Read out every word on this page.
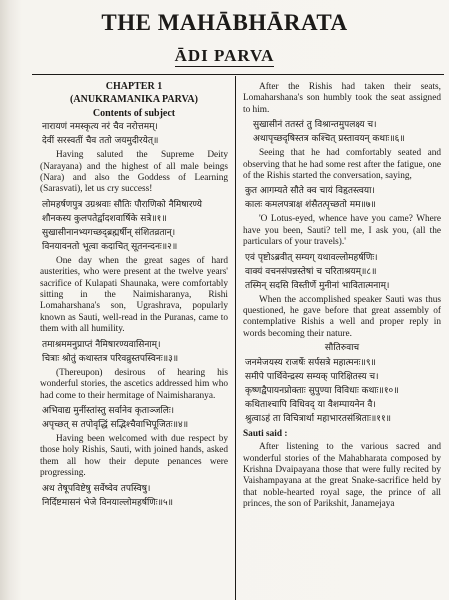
THE MAHĀBHĀRATA
ĀDI PARVA
CHAPTER 1
(ANUKRAMANIKA PARVA)
Contents of subject
नारायणं नमस्कृत्य नरं चैव नरोत्तमम्।
देवीं सरस्वतीं चैव ततो जयमुदीरयेत्॥
Having saluted the Supreme Deity (Narayana) and the highest of all male beings (Nara) and also the Goddess of Learning (Sarasvati), let us cry success!
लोमहर्षणपुत्र उग्रश्रवाः सौतिः पौराणिको नैमिषारण्ये
शौनकस्य कुलपतेर्द्वादशवार्षिके सत्रे॥१॥
सुखासीनानभ्यगच्छद्‌ब्रह्मर्षीन् संशितव्रतान्।
विनयावनतो भूत्वा कदाचित् सूतनन्दनः॥२॥
One day when the great sages of hard austerities, who were present at the twelve years' sacrifice of Kulapati Shaunaka, were comfortably sitting in the Naimisharanya, Rishi Lomaharshana's son, Ugrashrava, popularly known as Sauti, well-read in the Puranas, came to them with all humility.
तमाश्रममनुप्राप्तं नैमिषारण्यवासिनाम्।
चित्राः श्रोतुं कथास्तत्र परिवव्रुस्तपस्विनः॥३॥
(Thereupon) desirous of hearing his wonderful stories, the ascetics addressed him who had come to their hermitage of Naimisharanya.
अभिवाद्य मुनींस्तांस्तु सर्वानेव कृताञ्जलिः।
अपृच्छत् स तपोवृद्धिं सद्भिश्चैवाभिपूजितः॥४॥
Having been welcomed with due respect by those holy Rishis, Sauti, with joined hands, asked them all how their depute penances were progressing.
अथ तेषूपविष्टेषु सर्वेष्वेव तपस्विषु।
निर्दिष्टमासनं भेजे विनयाल्लोमहर्षणिः॥५॥
After the Rishis had taken their seats, Lomaharshana's son humbly took the seat assigned to him.
सुखासीनं ततस्तं तु विश्रान्तमुपलक्ष्य च।
अथापृच्छदृषिस्तत्र कश्चित् प्रस्तावयन् कथाः॥६॥
Seeing that he had comfortably seated and observing that he had some rest after the fatigue, one of the Rishis started the conversation, saying,
कुत आगम्यते सौते क्व चायं विहृतस्त्वया।
कालः कमलपत्राक्ष शंसैतत्पृच्छतो मम॥७॥
'O Lotus-eyed, whence have you came? Where have you been, Sauti? tell me, I ask you, (all the particulars of your travels).'
एवं पृष्टोऽब्रवीत् सम्यग् यथावल्लोमहर्षणिः।
वाक्यं वचनसंपन्नस्तेषां च चरिताश्रयम्॥८॥
तस्मिन् सदसि विस्तीर्णे मुनीनां भावितात्मनाम्।
When the accomplished speaker Sauti was thus questioned, he gave before that great assembly of contemplative Rishis a well and proper reply in words becoming their nature.
सौतिरुवाच
जनमेजयस्य राजर्षेः सर्पसत्रे महात्मनः॥९॥
समीपे पार्थिवेन्द्रस्य सम्यक् पारिक्षितस्य च।
कृष्णद्वैपायनप्रोक्ताः सुपुण्या विविधाः कथाः॥१०॥
कथिताश्चापि विधिवद् या वैशम्पायनेन वै।
श्रुत्वाऽहं ता विचित्रार्था महाभारतसंश्रिताः॥११॥
Sauti said :
After listening to the various sacred and wonderful stories of the Mahabharata composed by Krishna Dvaipayana those that were fully recited by Vaishampayana at the great Snake-sacrifice held by that noble-hearted royal sage, the prince of all princes, the son of Parikshit, Janamejaya
